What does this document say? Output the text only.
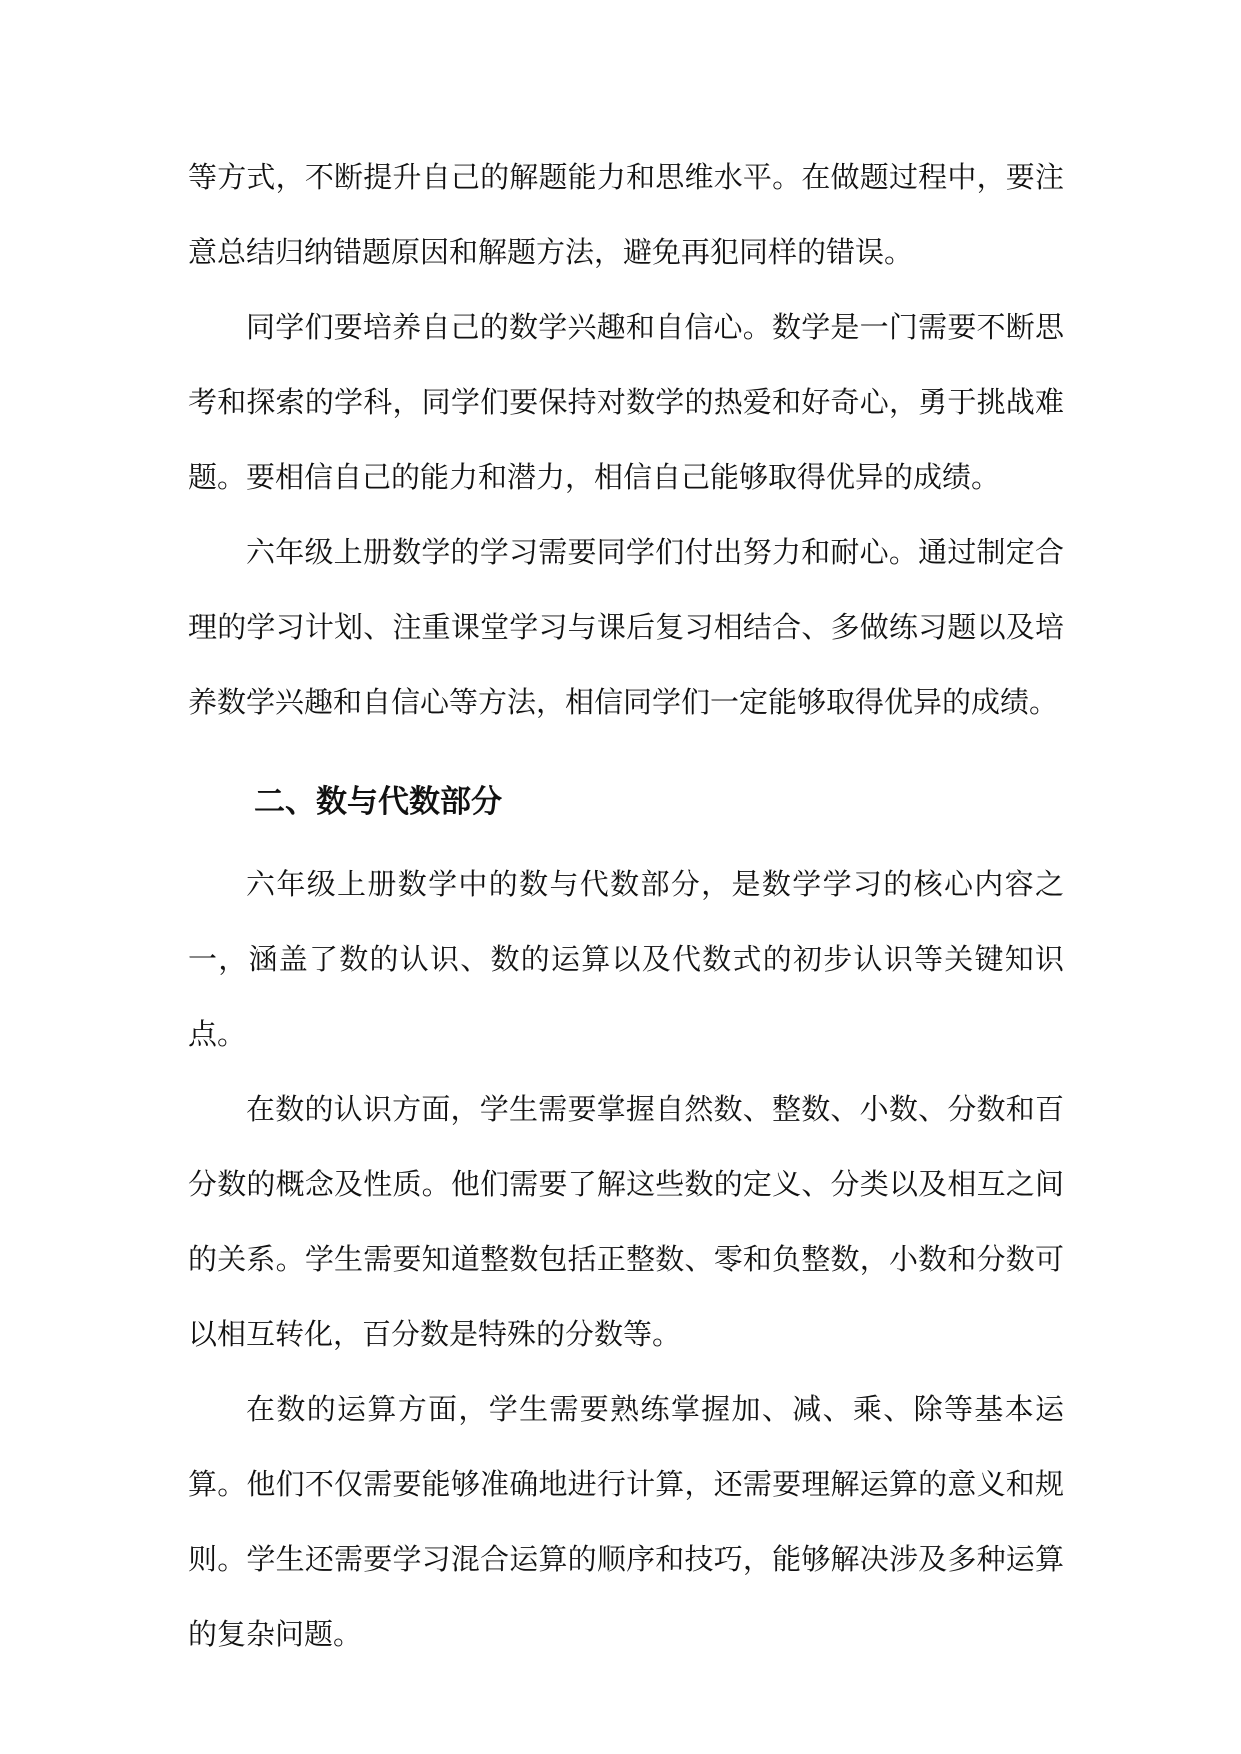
等方式，不断提升自己的解题能力和思维水平。在做题过程中，要注意总结归纳错题原因和解题方法，避免再犯同样的错误。

同学们要培养自己的数学兴趣和自信心。数学是一门需要不断思考和探索的学科，同学们要保持对数学的热爱和好奇心，勇于挑战难题。要相信自己的能力和潜力，相信自己能够取得优异的成绩。

六年级上册数学的学习需要同学们付出努力和耐心。通过制定合理的学习计划、注重课堂学习与课后复习相结合、多做练习题以及培养数学兴趣和自信心等方法，相信同学们一定能够取得优异的成绩。

二、数与代数部分

六年级上册数学中的数与代数部分，是数学学习的核心内容之一，涵盖了数的认识、数的运算以及代数式的初步认识等关键知识点。

在数的认识方面，学生需要掌握自然数、整数、小数、分数和百分数的概念及性质。他们需要了解这些数的定义、分类以及相互之间的关系。学生需要知道整数包括正整数、零和负整数，小数和分数可以相互转化，百分数是特殊的分数等。

在数的运算方面，学生需要熟练掌握加、减、乘、除等基本运算。他们不仅需要能够准确地进行计算，还需要理解运算的意义和规则。学生还需要学习混合运算的顺序和技巧，能够解决涉及多种运算的复杂问题。
